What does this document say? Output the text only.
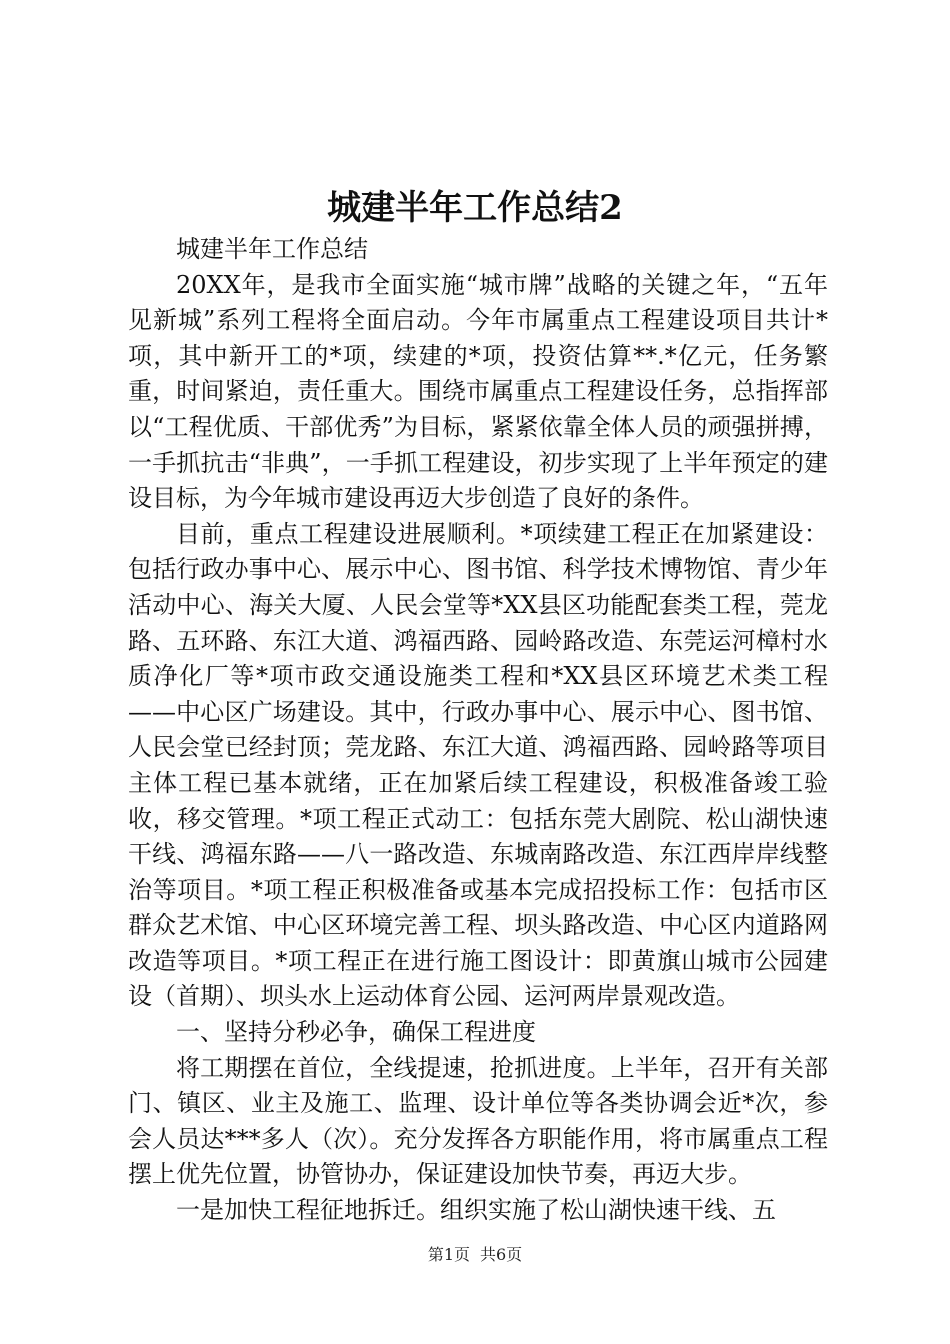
城建半年工作总结2

城建半年工作总结

20XX年，是我市全面实施“城市牌”战略的关键之年，“五年见新城”系列工程将全面启动。今年市属重点工程建设项目共计*项，其中新开工的*项，续建的*项，投资估算**.*亿元，任务繁重，时间紧迫，责任重大。围绕市属重点工程建设任务，总指挥部以“工程优质、干部优秀”为目标，紧紧依靠全体人员的顽强拼搏，一手抓抗击“非典”，一手抓工程建设，初步实现了上半年预定的建设目标，为今年城市建设再迈大步创造了良好的条件。

目前，重点工程建设进展顺利。*项续建工程正在加紧建设：包括行政办事中心、展示中心、图书馆、科学技术博物馆、青少年活动中心、海关大厦、人民会堂等*XX县区功能配套类工程，莞龙路、五环路、东江大道、鸿福西路、园岭路改造、东莞运河樟村水质净化厂等*项市政交通设施类工程和*XX县区环境艺术类工程——中心区广场建设。其中，行政办事中心、展示中心、图书馆、人民会堂已经封顶；莞龙路、东江大道、鸿福西路、园岭路等项目主体工程已基本就绪，正在加紧后续工程建设，积极准备竣工验收，移交管理。*项工程正式动工：包括东莞大剧院、松山湖快速干线、鸿福东路——八一路改造、东城南路改造、东江西岸岸线整治等项目。*项工程正积极准备或基本完成招投标工作：包括市区群众艺术馆、中心区环境完善工程、坝头路改造、中心区内道路网改造等项目。*项工程正在进行施工图设计：即黄旗山城市公园建设（首期）、坝头水上运动体育公园、运河两岸景观改造。

一、坚持分秒必争，确保工程进度

将工期摆在首位，全线提速，抢抓进度。上半年，召开有关部门、镇区、业主及施工、监理、设计单位等各类协调会近*次，参会人员达***多人（次）。充分发挥各方职能作用，将市属重点工程摆上优先位置，协管协办，保证建设加快节奏，再迈大步。

一是加快工程征地拆迁。组织实施了松山湖快速干线、五

第1页 共6页
